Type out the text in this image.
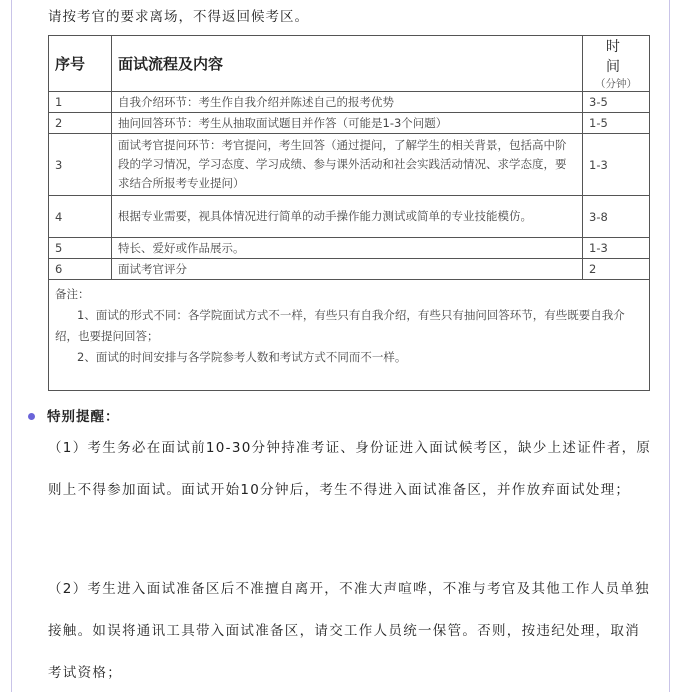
请按考官的要求离场，不得返回候考区。
序号	面试流程及内容	时间
（分钟）

1	自我介绍环节：考生作自我介绍并陈述自己的报考优势	3-5
2	抽问回答环节：考生从抽取面试题目并作答（可能是1-3个问题）	1-5
3	面试考官提问环节：考官提问，考生回答（通过提问，了解学生的相关背景，包括高中阶段的学习情况，学习态度、学习成绩、参与课外活动和社会实践活动情况、求学态度，要求结合所报考专业提问）	1-3
4	根据专业需要，视具体情况进行简单的动手操作能力测试或简单的专业技能模仿。	3-8
5	特长、爱好或作品展示。	1-3
6	面试考官评分	2

备注：
1、面试的形式不同：各学院面试方式不一样，有些只有自我介绍，有些只有抽问回答环节，有些既要自我介绍，也要提问回答；
2、面试的时间安排与各学院参考人数和考试方式不同而不一样。		
特别提醒：
（1）考生务必在面试前10-30分钟持准考证、身份证进入面试候考区，缺少上述证件者，原则上不得参加面试。面试开始10分钟后，考生不得进入面试准备区，并作放弃面试处理；
（2）考生进入面试准备区后不准擅自离开，不准大声喧哗，不准与考官及其他工作人员单独接触。如误将通讯工具带入面试准备区，请交工作人员统一保管。否则，按违纪处理，取消考试资格；
